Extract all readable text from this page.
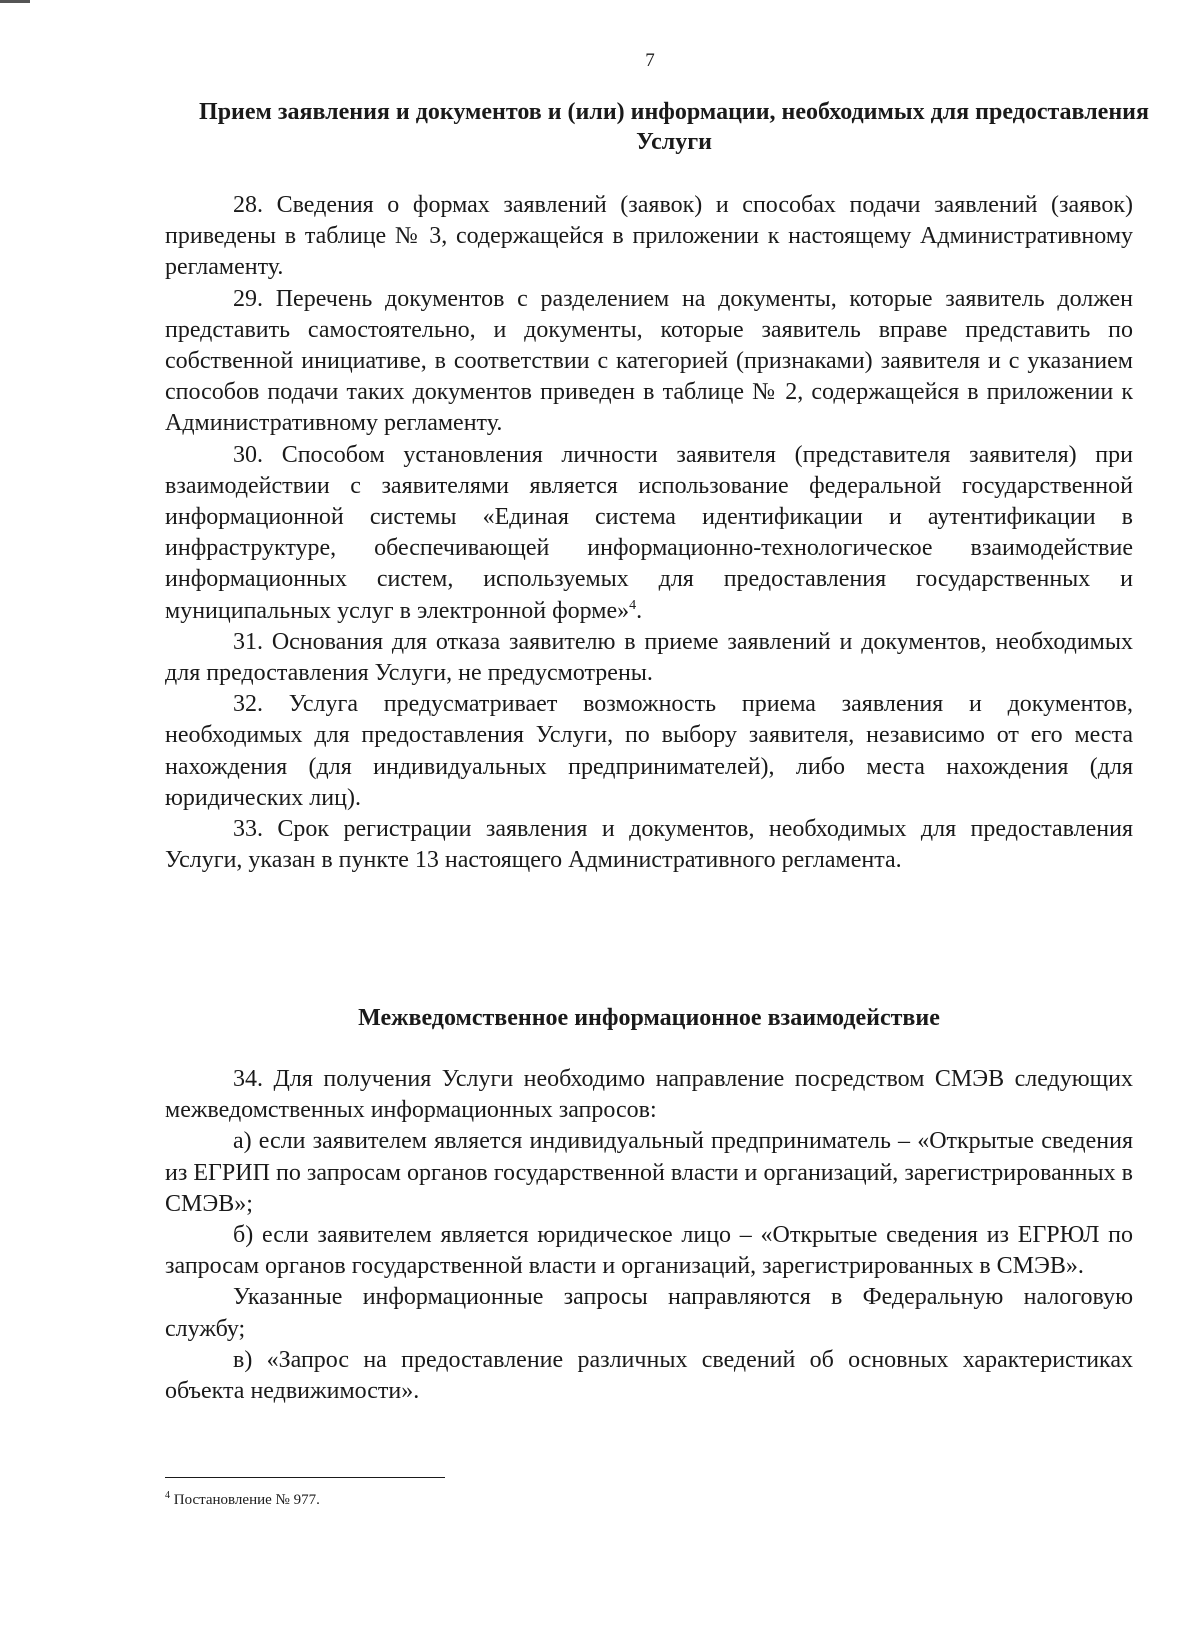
7
Прием заявления и документов и (или) информации, необходимых для предоставления Услуги

28. Сведения о формах заявлений (заявок) и способах подачи заявлений (заявок) приведены в таблице № 3, содержащейся в приложении к настоящему Административному регламенту.

29. Перечень документов с разделением на документы, которые заявитель должен представить самостоятельно, и документы, которые заявитель вправе представить по собственной инициативе, в соответствии с категорией (признаками) заявителя и с указанием способов подачи таких документов приведен в таблице № 2, содержащейся в приложении к Административному регламенту.

30. Способом установления личности заявителя (представителя заявителя) при взаимодействии с заявителями является использование федеральной государственной информационной системы «Единая система идентификации и аутентификации в инфраструктуре, обеспечивающей информационно-технологическое взаимодействие информационных систем, используемых для предоставления государственных и муниципальных услуг в электронной форме»$^4$.

31. Основания для отказа заявителю в приеме заявлений и документов, необходимых для предоставления Услуги, не предусмотрены.

32. Услуга предусматривает возможность приема заявления и документов, необходимых для предоставления Услуги, по выбору заявителя, независимо от его места нахождения (для индивидуальных предпринимателей), либо места нахождения (для юридических лиц).

33. Срок регистрации заявления и документов, необходимых для предоставления Услуги, указан в пункте 13 настоящего Административного регламента.

Межведомственное информационное взаимодействие

34. Для получения Услуги необходимо направление посредством СМЭВ следующих межведомственных информационных запросов:

а) если заявителем является индивидуальный предприниматель – «Открытые сведения из ЕГРИП по запросам органов государственной власти и организаций, зарегистрированных в СМЭВ»;

б) если заявителем является юридическое лицо – «Открытые сведения из ЕГРЮЛ по запросам органов государственной власти и организаций, зарегистрированных в СМЭВ».

Указанные информационные запросы направляются в Федеральную налоговую службу;

в) «Запрос на предоставление различных сведений об основных характеристиках объекта недвижимости».

$^4$ Постановление № 977.
